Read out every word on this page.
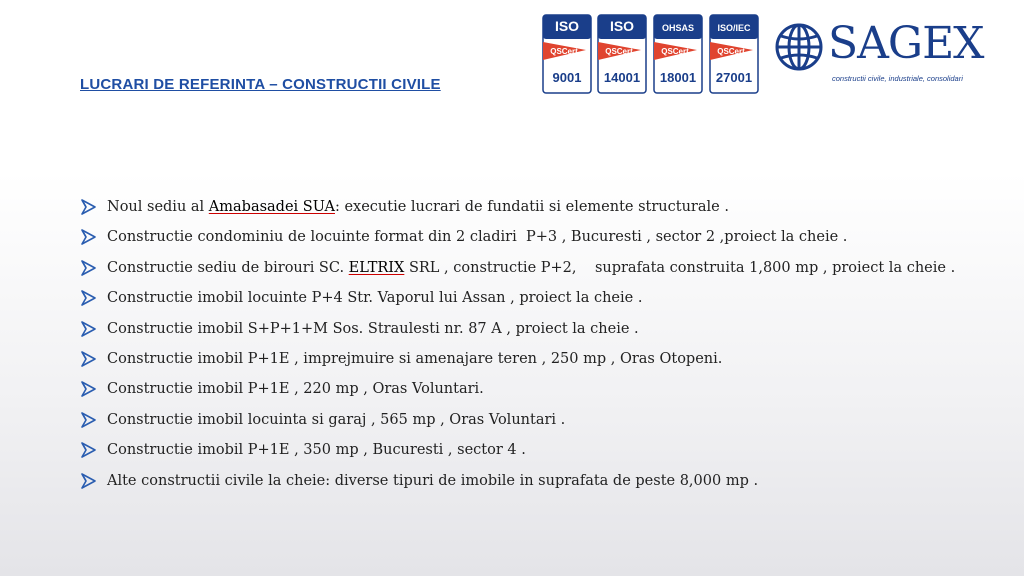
LUCRARI DE REFERINTA – CONSTRUCTII CIVILE
ISO
QSCert
9001
ISO
QSCert
14001
OHSAS
QSCert
18001
ISO/IEC
QSCert
27001
SAGEX
constructii civile, industriale, consolidari
Noul sediu al Amabasadei SUA: executie lucrari de fundatii si elemente structurale .
Constructie condominiu de locuinte format din 2 cladiri  P+3 , Bucuresti , sector 2 ,proiect la cheie .
Constructie sediu de birouri SC. ELTRIX SRL , constructie P+2,    suprafata construita 1,800 mp , proiect la cheie .
Constructie imobil locuinte P+4 Str. Vaporul lui Assan , proiect la cheie .
Constructie imobil S+P+1+M Sos. Straulesti nr. 87 A , proiect la cheie .
Constructie imobil P+1E , imprejmuire si amenajare teren , 250 mp , Oras Otopeni.
Constructie imobil P+1E , 220 mp , Oras Voluntari.
Constructie imobil locuinta si garaj , 565 mp , Oras Voluntari .
Constructie imobil P+1E , 350 mp , Bucuresti , sector 4 .
Alte constructii civile la cheie: diverse tipuri de imobile in suprafata de peste 8,000 mp .
